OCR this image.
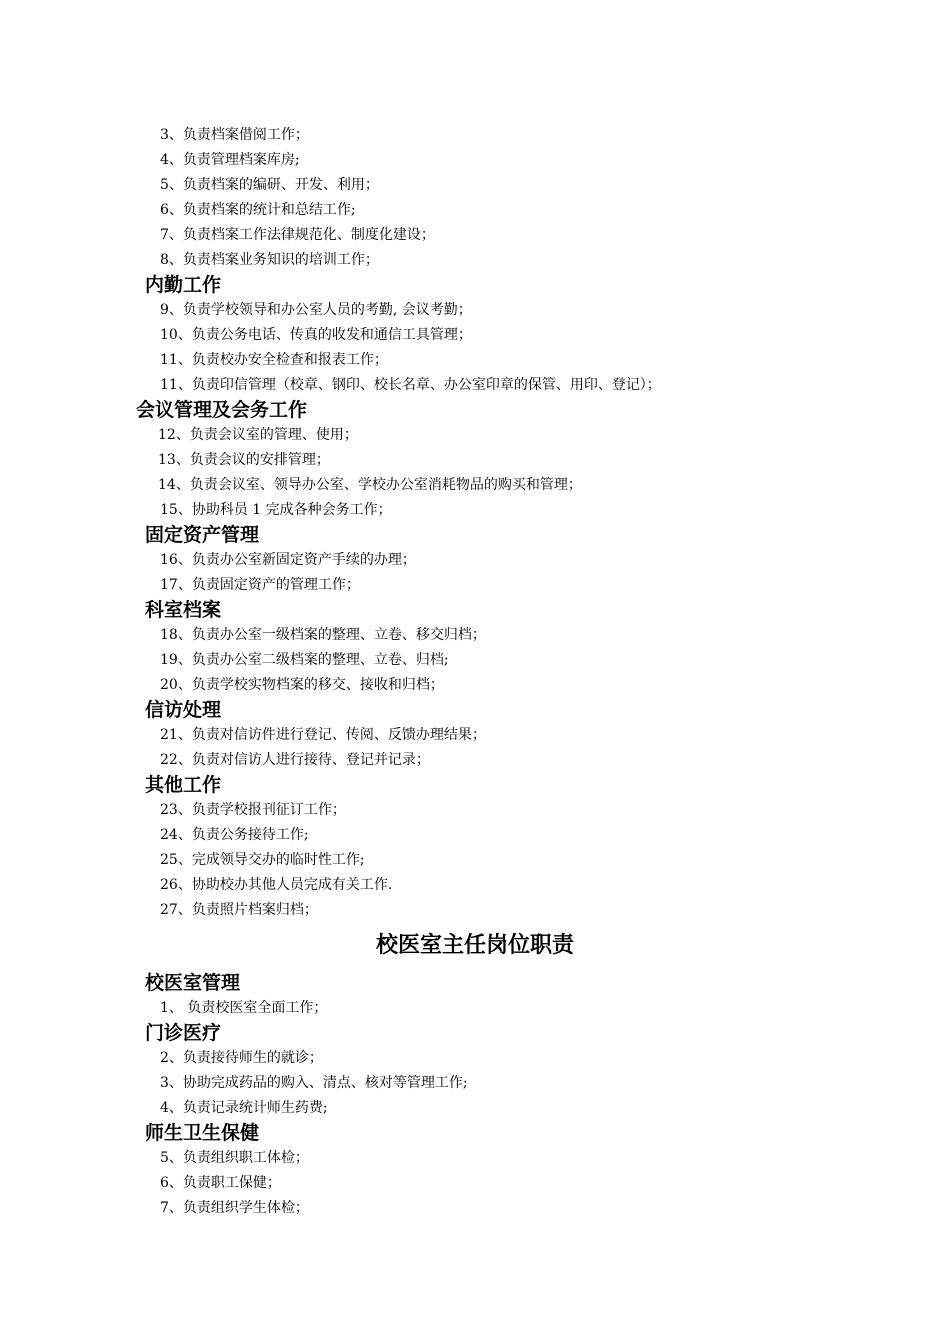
3、负责档案借阅工作；
4、负责管理档案库房;
5、负责档案的编研、开发、利用；
6、负责档案的统计和总结工作;
7、负责档案工作法律规范化、制度化建设；
8、负责档案业务知识的培训工作；
内勤工作
9、负责学校领导和办公室人员的考勤, 会议考勤；
10、负责公务电话、传真的收发和通信工具管理；
11、负责校办安全检查和报表工作；
11、负责印信管理（校章、钢印、校长名章、办公室印章的保管、用印、登记）；
会议管理及会务工作
12、负责会议室的管理、使用；
13、负责会议的安排管理；
14、负责会议室、领导办公室、学校办公室消耗物品的购买和管理；
15、协助科员 1 完成各种会务工作；
固定资产管理
16、负责办公室新固定资产手续的办理；
17、负责固定资产的管理工作；
科室档案
18、负责办公室一级档案的整理、立卷、移交归档；
19、负责办公室二级档案的整理、立卷、归档;
20、负责学校实物档案的移交、接收和归档；
信访处理
21、负责对信访件进行登记、传阅、反馈办理结果；
22、负责对信访人进行接待、登记并记录；
其他工作
23、负责学校报刊征订工作；
24、负责公务接待工作;
25、完成领导交办的临时性工作;
26、协助校办其他人员完成有关工作.
27、负责照片档案归档；
校医室主任岗位职责
校医室管理
1、 负责校医室全面工作；
门诊医疗
2、负责接待师生的就诊；
3、协助完成药品的购入、清点、核对等管理工作;
4、负责记录统计师生药费;
师生卫生保健
5、负责组织职工体检；
6、负责职工保健；
7、负责组织学生体检；
